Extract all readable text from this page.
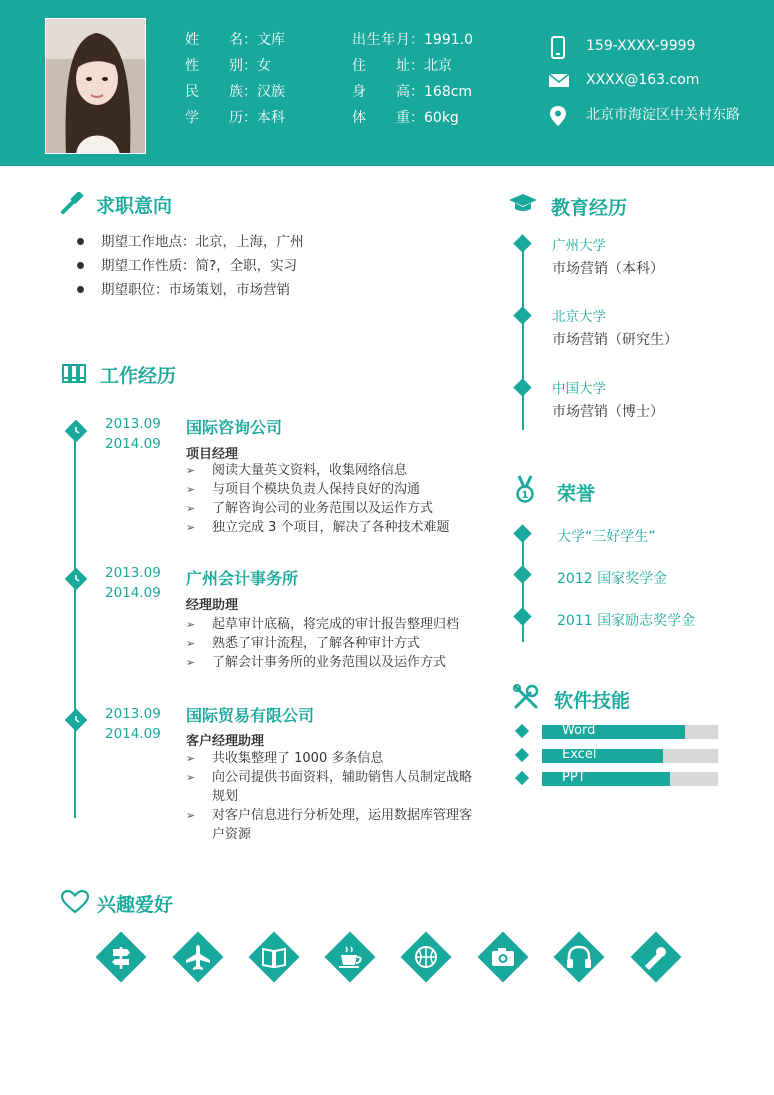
姓名：文库
性别：女
民族：汉族
学历：本科
出生年月：1991.0
住址：北京
身高：168cm
体重：60kg
159-XXXX-9999
XXXX@163.com
北京市海淀区中关村东路
求职意向
期望工作地点：北京，上海，广州
期望工作性质：简?，全职，实习
期望职位：市场策划，市场营销
工作经历
2013.09
2014.09
国际咨询公司
项目经理
➢ 阅读大量英文资料，收集网络信息
➢ 与项目个模块负责人保持良好的沟通
➢ 了解咨询公司的业务范围以及运作方式
➢ 独立完成 3 个项目，解决了各种技术难题
2013.09
2014.09
广州会计事务所
经理助理
➢ 起草审计底稿，将完成的审计报告整理归档
➢ 熟悉了审计流程，了解各种审计方式
➢ 了解会计事务所的业务范围以及运作方式
2013.09
2014.09
国际贸易有限公司
客户经理助理
➢ 共收集整理了 1000 多条信息
➢ 向公司提供书面资料，辅助销售人员制定战略规划
➢ 对客户信息进行分析处理，运用数据库管理客户资源
教育经历
广州大学
市场营销（本科）
北京大学
市场营销（研究生）
中国大学
市场营销（博士）
1 荣誉
大学“三好学生”
2012 国家奖学金
2011 国家励志奖学金
软件技能
Word
Excel
PPT
兴趣爱好
